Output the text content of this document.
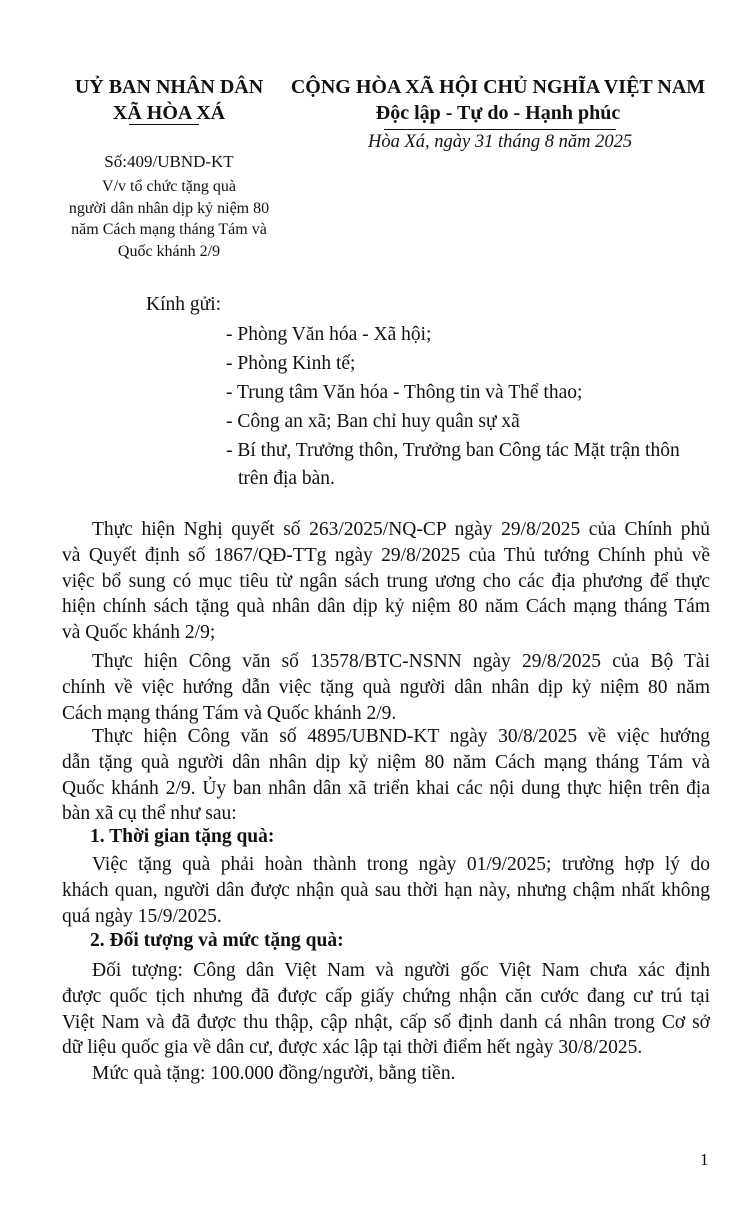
UỶ BAN NHÂN DÂN
XÃ HÒA XÁ
CỘNG HÒA XÃ HỘI CHỦ NGHĨA VIỆT NAM
Độc lập - Tự do - Hạnh phúc
Hòa Xá, ngày 31 tháng 8 năm 2025
Số:409/UBND-KT
V/v tổ chức tặng quà
người dân nhân dịp kỷ niệm 80
năm Cách mạng tháng Tám và
Quốc khánh 2/9
Kính gửi:
- Phòng Văn hóa - Xã hội;
- Phòng Kinh tế;
- Trung tâm Văn hóa - Thông tin và Thể thao;
- Công an xã; Ban chỉ huy quân sự xã
- Bí thư, Trưởng thôn, Trưởng ban Công tác Mặt trận thôn
trên địa bàn.
Thực hiện Nghị quyết số 263/2025/NQ-CP ngày 29/8/2025 của Chính phủ
và Quyết định số 1867/QĐ-TTg ngày 29/8/2025 của Thủ tướng Chính phủ về
việc bổ sung có mục tiêu từ ngân sách trung ương cho các địa phương để thực
hiện chính sách tặng quà nhân dân dịp kỷ niệm 80 năm Cách mạng tháng Tám
và Quốc khánh 2/9;
Thực hiện Công văn số 13578/BTC-NSNN ngày 29/8/2025 của Bộ Tài
chính về việc hướng dẫn việc tặng quà người dân nhân dịp kỷ niệm 80 năm
Cách mạng tháng Tám và Quốc khánh 2/9.
Thực hiện Công văn số 4895/UBND-KT ngày 30/8/2025 về việc hướng
dẫn tặng quà người dân nhân dịp kỷ niệm 80 năm Cách mạng tháng Tám và
Quốc khánh 2/9. Ủy ban nhân dân xã triển khai các nội dung thực hiện trên địa
bàn xã cụ thể như sau:
1. Thời gian tặng quà:
Việc tặng quà phải hoàn thành trong ngày 01/9/2025; trường hợp lý do
khách quan, người dân được nhận quà sau thời hạn này, nhưng chậm nhất không
quá ngày 15/9/2025.
2. Đối tượng và mức tặng quà:
Đối tượng: Công dân Việt Nam và người gốc Việt Nam chưa xác định
được quốc tịch nhưng đã được cấp giấy chứng nhận căn cước đang cư trú tại
Việt Nam và đã được thu thập, cập nhật, cấp số định danh cá nhân trong Cơ sở
dữ liệu quốc gia về dân cư, được xác lập tại thời điểm hết ngày 30/8/2025.
Mức quà tặng: 100.000 đồng/người, bằng tiền.
1
